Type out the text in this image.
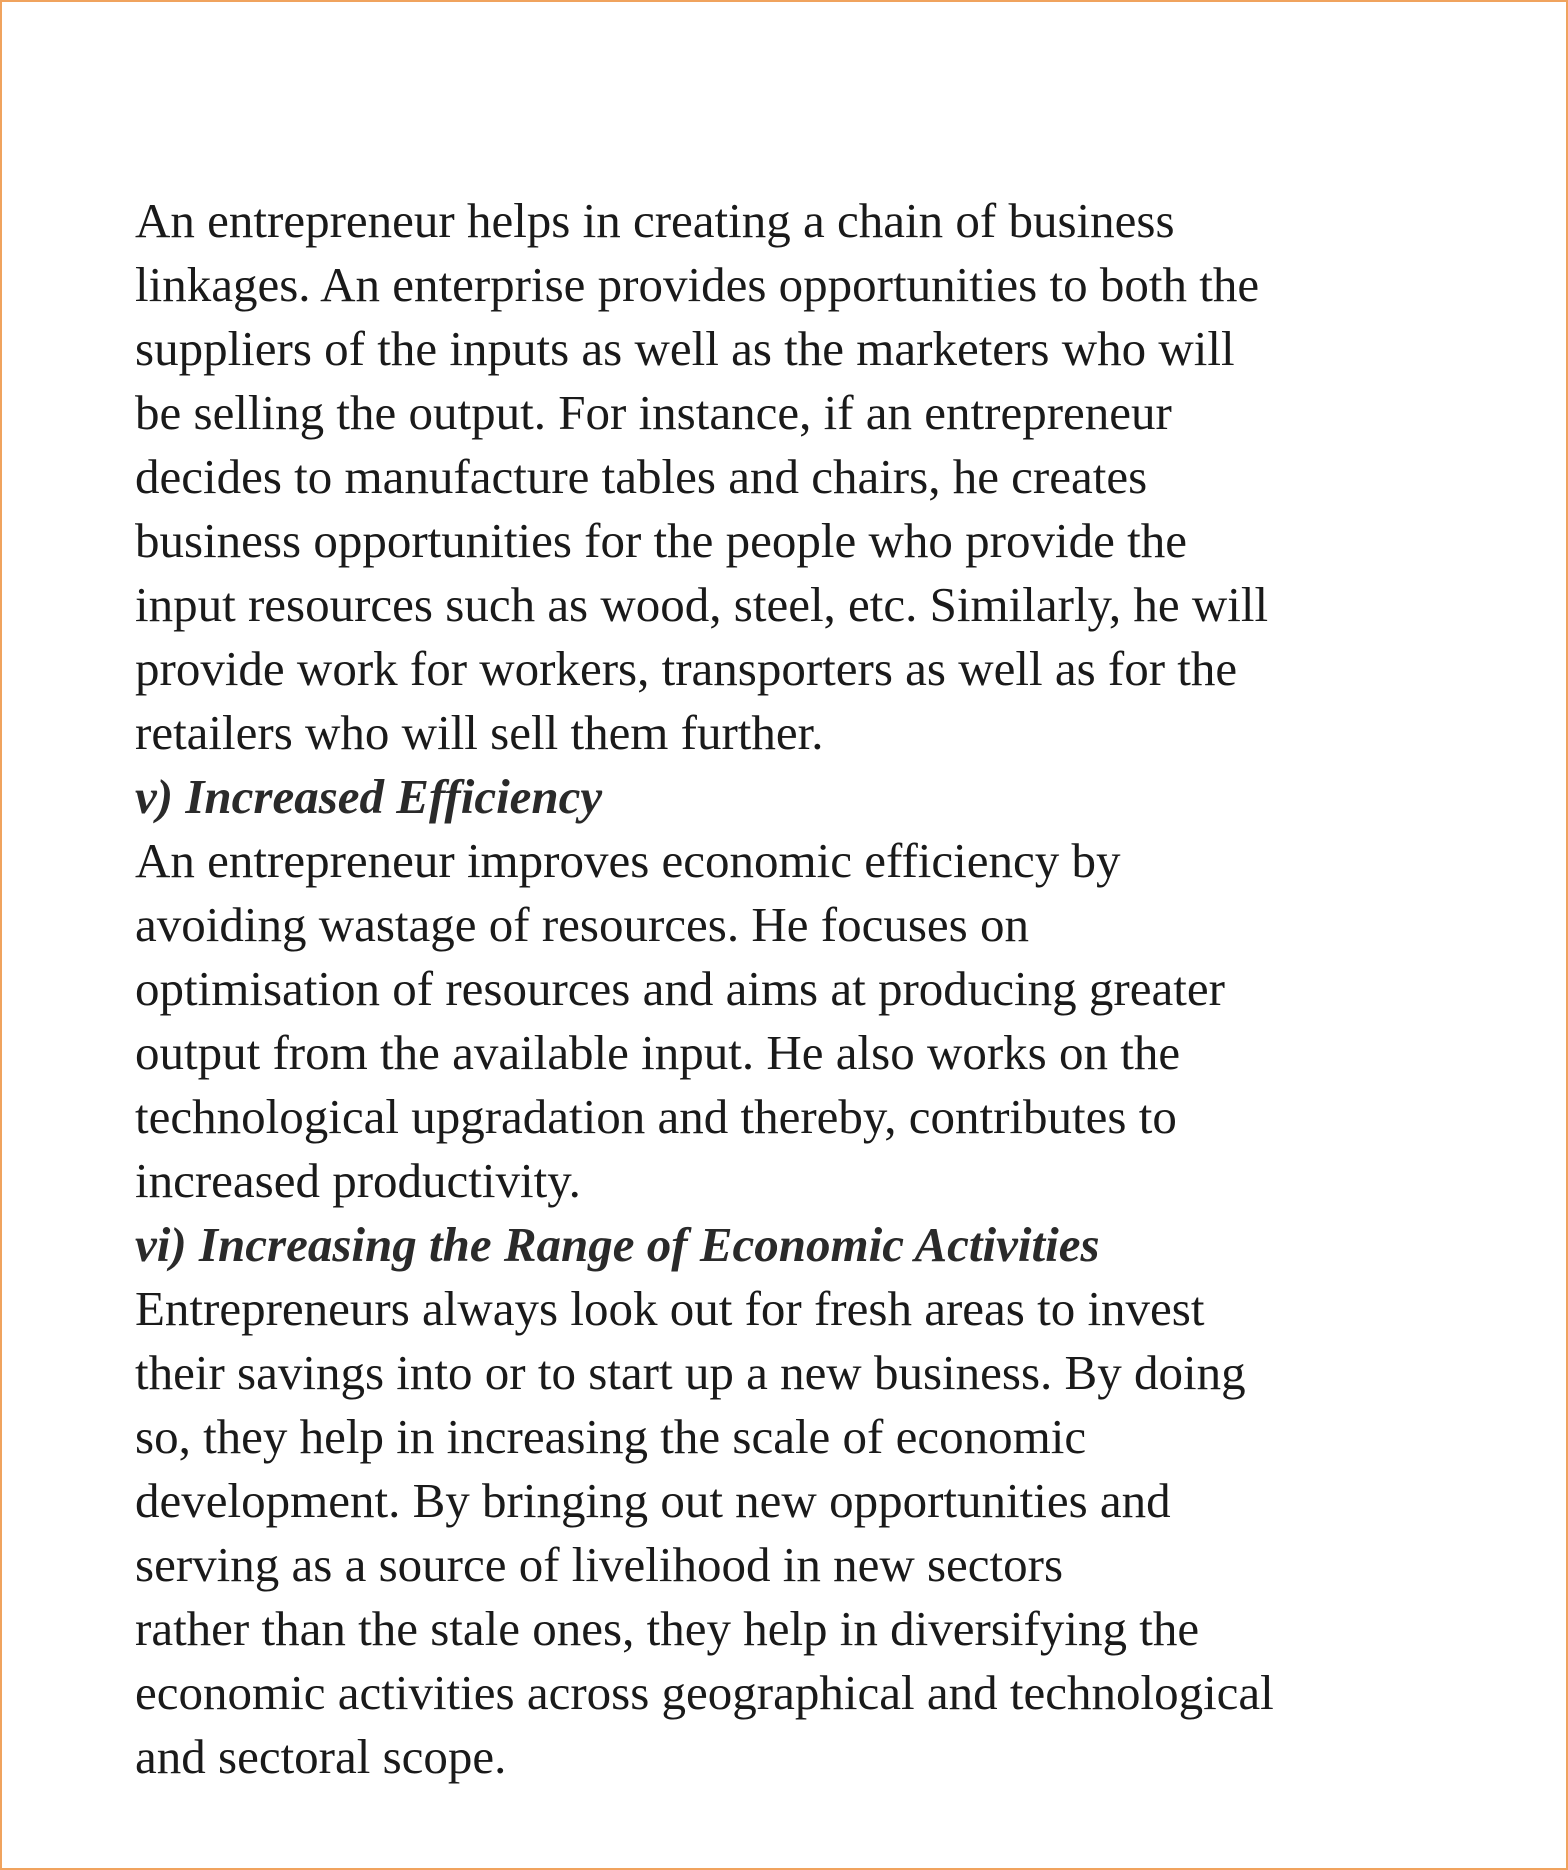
An entrepreneur helps in creating a chain of business
linkages. An enterprise provides opportunities to both the
suppliers of the inputs as well as the marketers who will
be selling the output. For instance, if an entrepreneur
decides to manufacture tables and chairs, he creates
business opportunities for the people who provide the
input resources such as wood, steel, etc. Similarly, he will
provide work for workers, transporters as well as for the
retailers who will sell them further.
v) Increased Efficiency
An entrepreneur improves economic efficiency by
avoiding wastage of resources. He focuses on
optimisation of resources and aims at producing greater
output from the available input. He also works on the
technological upgradation and thereby, contributes to
increased productivity.
vi) Increasing the Range of Economic Activities
Entrepreneurs always look out for fresh areas to invest
their savings into or to start up a new business. By doing
so, they help in increasing the scale of economic
development. By bringing out new opportunities and
serving as a source of livelihood in new sectors
rather than the stale ones, they help in diversifying the
economic activities across geographical and technological
and sectoral scope.
